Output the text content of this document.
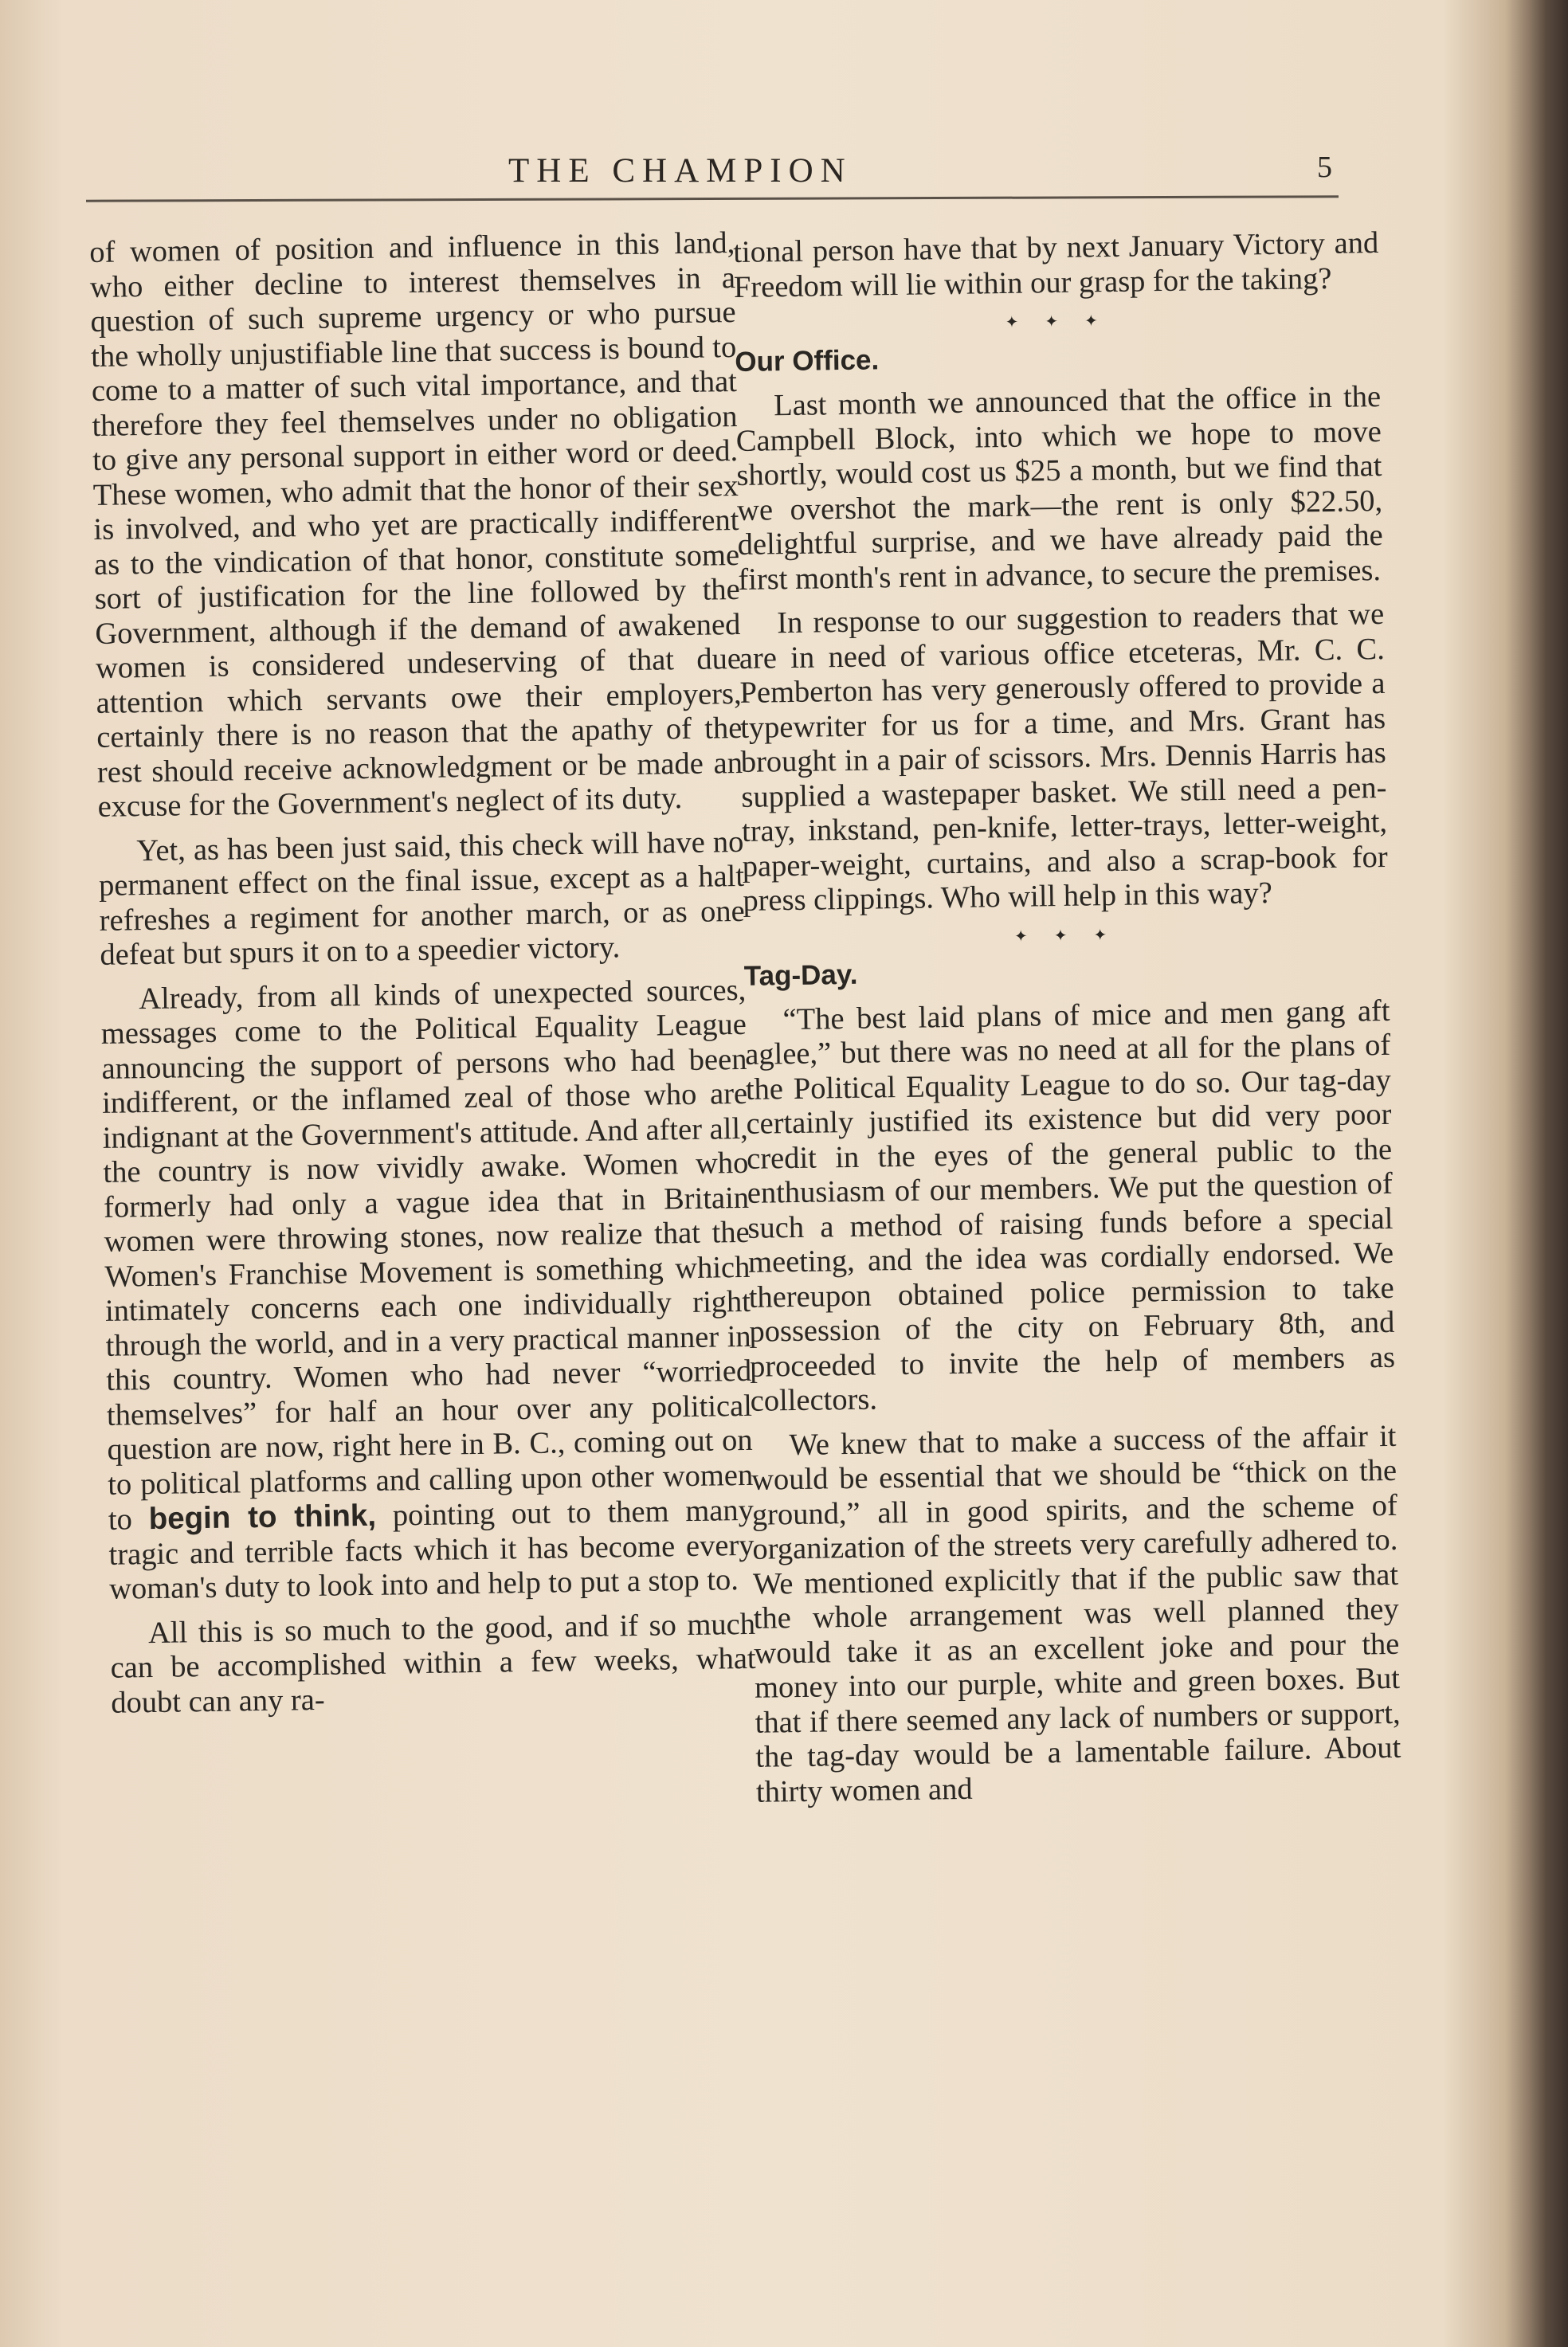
THE CHAMPION	5

of women of position and influence in this land, who either decline to interest themselves in a question of such supreme urgency or who pursue the wholly unjustifiable line that success is bound to come to a matter of such vital importance, and that therefore they feel themselves under no obligation to give any personal support in either word or deed. These women, who admit that the honor of their sex is involved, and who yet are practically indifferent as to the vindication of that honor, constitute some sort of justification for the line followed by the Government, although if the demand of awakened women is considered undeserving of that due attention which servants owe their employers, certainly there is no reason that the apathy of the rest should receive acknowledgment or be made an excuse for the Government's neglect of its duty.

Yet, as has been just said, this check will have no permanent effect on the final issue, except as a halt refreshes a regiment for another march, or as one defeat but spurs it on to a speedier victory.

Already, from all kinds of unexpected sources, messages come to the Political Equality League announcing the support of persons who had been indifferent, or the inflamed zeal of those who are indignant at the Government's attitude. And after all, the country is now vividly awake. Women who formerly had only a vague idea that in Britain women were throwing stones, now realize that the Women's Franchise Movement is something which intimately concerns each one individually right through the world, and in a very practical manner in this country. Women who had never “worried themselves” for half an hour over any political question are now, right here in B. C., coming out on to political platforms and calling upon other women to begin to think, pointing out to them many tragic and terrible facts which it has become every woman's duty to look into and help to put a stop to.

All this is so much to the good, and if so much can be accomplished within a few weeks, what doubt can any ra-

tional person have that by next January Victory and Freedom will lie within our grasp for the taking?

✦ ✦ ✦
Our Office.

Last month we announced that the office in the Campbell Block, into which we hope to move shortly, would cost us $25 a month, but we find that we overshot the mark—the rent is only $22.50, delightful surprise, and we have already paid the first month's rent in advance, to secure the premises.

In response to our suggestion to readers that we are in need of various office etceteras, Mr. C. C. Pemberton has very generously offered to provide a typewriter for us for a time, and Mrs. Grant has brought in a pair of scissors. Mrs. Dennis Harris has supplied a wastepaper basket. We still need a pen-tray, inkstand, pen-knife, letter-trays, letter-weight, paper-weight, curtains, and also a scrap-book for press clippings. Who will help in this way?

✦ ✦ ✦
Tag-Day.

“The best laid plans of mice and men gang aft aglee,” but there was no need at all for the plans of the Political Equality League to do so. Our tag-day certainly justified its existence but did very poor credit in the eyes of the general public to the enthusiasm of our members. We put the question of such a method of raising funds before a special meeting, and the idea was cordially endorsed. We thereupon obtained police permission to take possession of the city on February 8th, and proceeded to invite the help of members as collectors.

We knew that to make a success of the affair it would be essential that we should be “thick on the ground,” all in good spirits, and the scheme of organization of the streets very carefully adhered to. We mentioned explicitly that if the public saw that the whole arrangement was well planned they would take it as an excellent joke and pour the money into our purple, white and green boxes. But that if there seemed any lack of numbers or support, the tag-day would be a lamentable failure. About thirty women and
